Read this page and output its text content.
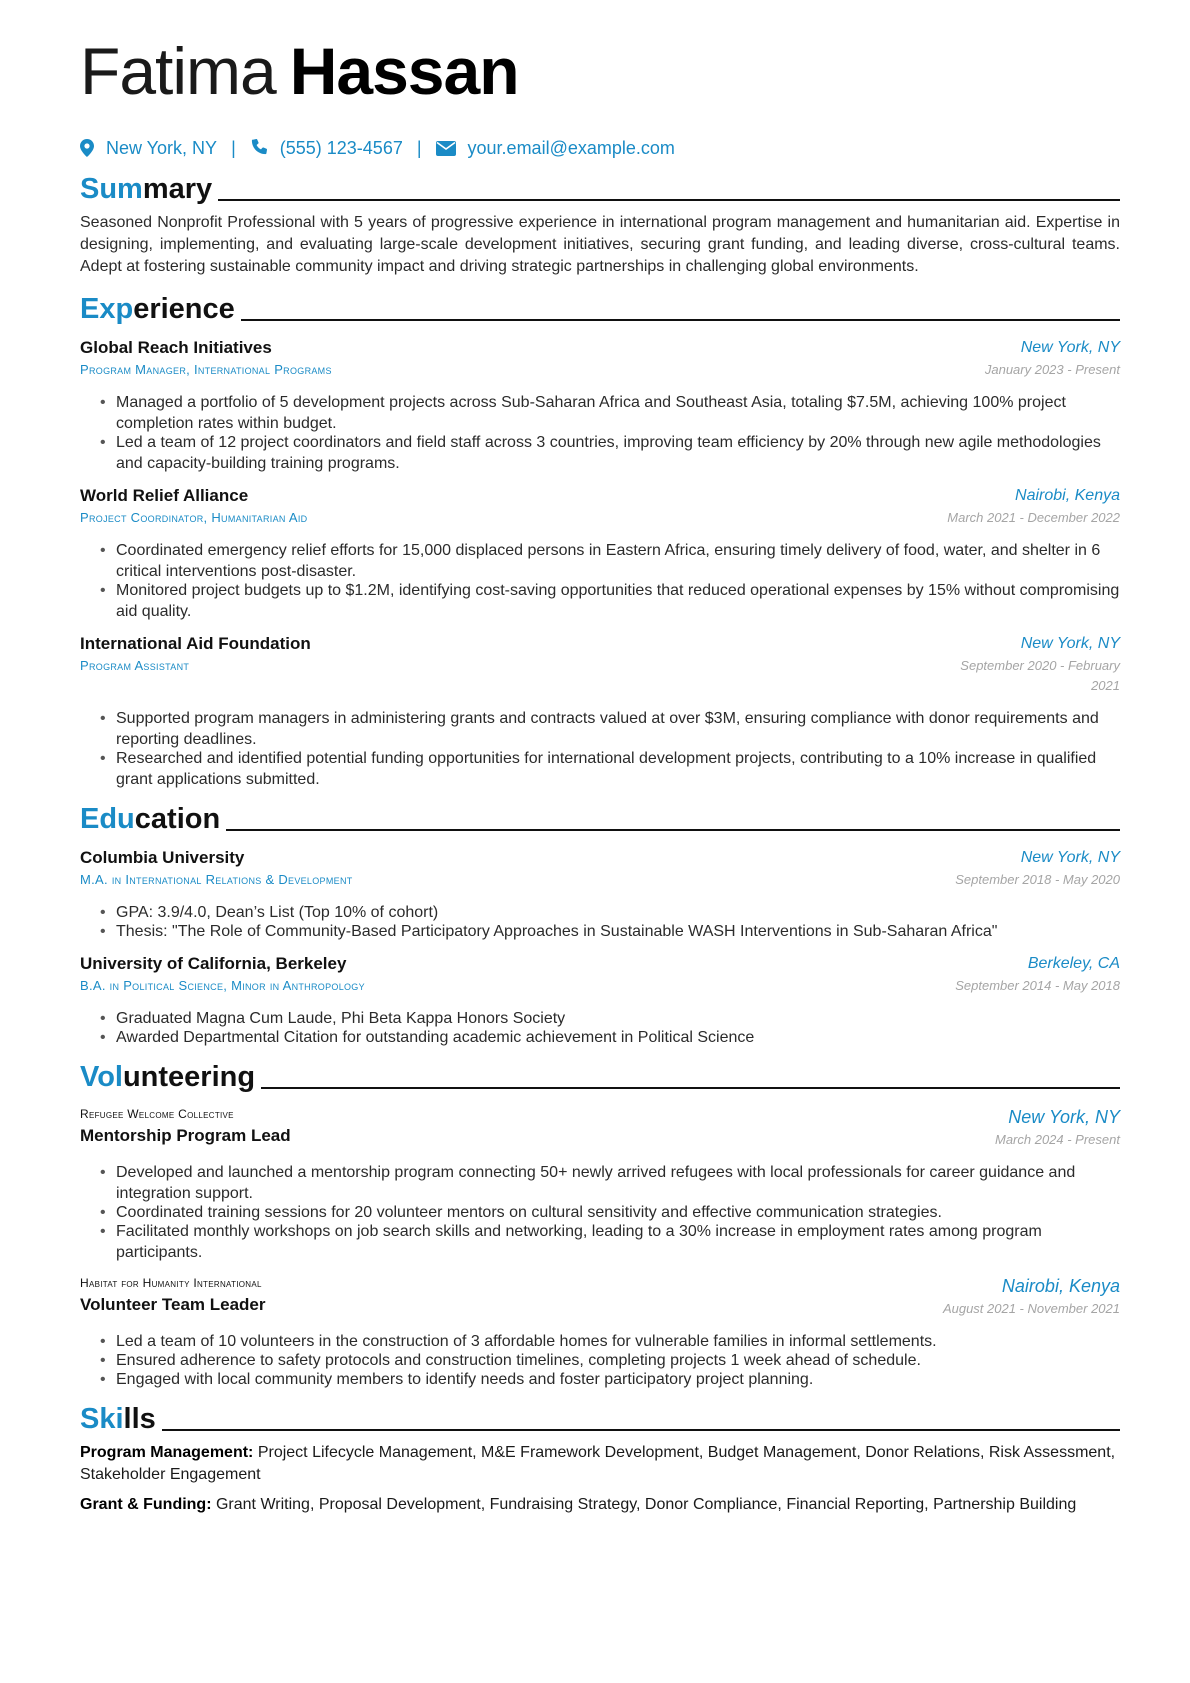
Fatima Hassan
New York, NY | (555) 123-4567 |	your.email@example.com
Summary
Seasoned Nonprofit Professional with 5 years of progressive experience in international program management and humanitarian aid. Expertise in designing, implementing, and evaluating large-scale development initiatives, securing grant funding, and leading diverse, cross-cultural teams. Adept at fostering sustainable community impact and driving strategic partnerships in challenging global environments.
Experience
Global Reach Initiatives
Program Manager, International Programs
New York, NY
January 2023 - Present
• Managed a portfolio of 5 development projects across Sub-Saharan Africa and Southeast Asia, totaling $7.5M, achieving 100% project completion rates within budget.
• Led a team of 12 project coordinators and field staff across 3 countries, improving team efficiency by 20% through new agile methodologies and capacity-building training programs.
World Relief Alliance
Project Coordinator, Humanitarian Aid
Nairobi, Kenya
March 2021 - December 2022
• Coordinated emergency relief efforts for 15,000 displaced persons in Eastern Africa, ensuring timely delivery of food, water, and shelter in 6 critical interventions post-disaster.
• Monitored project budgets up to $1.2M, identifying cost-saving opportunities that reduced operational expenses by 15% without compromising aid quality.
International Aid Foundation
Program Assistant
New York, NY
September 2020 - February 2021
• Supported program managers in administering grants and contracts valued at over $3M, ensuring compliance with donor requirements and reporting deadlines.
• Researched and identified potential funding opportunities for international development projects, contributing to a 10% increase in qualified grant applications submitted.
Education
Columbia University
M.A. in International Relations & Development
New York, NY
September 2018 - May 2020
• GPA: 3.9/4.0, Dean’s List (Top 10% of cohort)
• Thesis: "The Role of Community-Based Participatory Approaches in Sustainable WASH Interventions in Sub-Saharan Africa"
University of California, Berkeley
B.A. in Political Science, Minor in Anthropology
Berkeley, CA
September 2014 - May 2018
• Graduated Magna Cum Laude, Phi Beta Kappa Honors Society
• Awarded Departmental Citation for outstanding academic achievement in Political Science
Volunteering
Refugee Welcome Collective
Mentorship Program Lead
New York, NY
March 2024 - Present
• Developed and launched a mentorship program connecting 50+ newly arrived refugees with local professionals for career guidance and integration support.
• Coordinated training sessions for 20 volunteer mentors on cultural sensitivity and effective communication strategies.
• Facilitated monthly workshops on job search skills and networking, leading to a 30% increase in employment rates among program participants.
Habitat for Humanity International
Volunteer Team Leader
Nairobi, Kenya
August 2021 - November 2021
• Led a team of 10 volunteers in the construction of 3 affordable homes for vulnerable families in informal settlements.
• Ensured adherence to safety protocols and construction timelines, completing projects 1 week ahead of schedule.
• Engaged with local community members to identify needs and foster participatory project planning.
Skills
Program Management: Project Lifecycle Management, M&E Framework Development, Budget Management, Donor Relations, Risk Assessment, Stakeholder Engagement
Grant & Funding: Grant Writing, Proposal Development, Fundraising Strategy, Donor Compliance, Financial Reporting, Partnership Building
